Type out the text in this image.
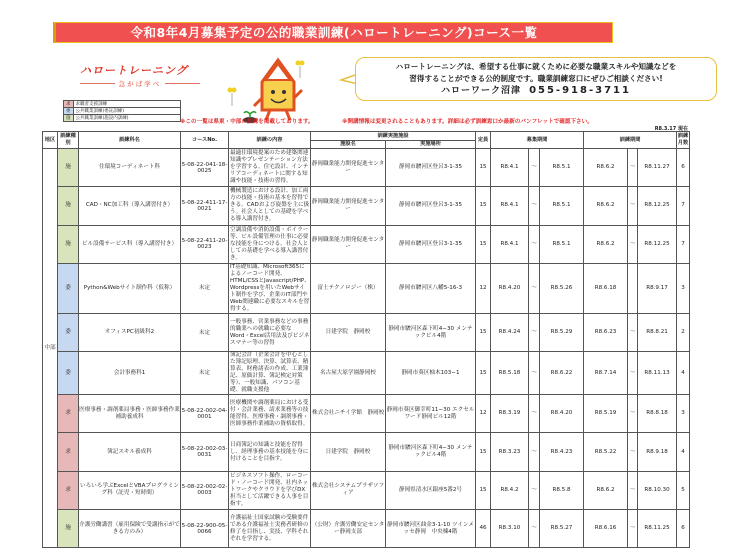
令和8年4月募集予定の公的職業訓練(ハロートレーニング)コース一覧
ハロートレーニング
急がば学べ
ハロートレーニングは、希望する仕事に就くために必要な職業スキルや知識などを
習得することができる公的制度です。職業訓練窓口にぜひご相談ください!
ハローワーク沼津 055-918-3711
求	求職者支援訓練
委	公共職業訓練(委託訓練)
施	公共職業訓練(施設内訓練)
※この一覧は県東・中部の訓練を掲載しております。	※開講情報は変更されることもあります。詳細は必ず訓練窓口か最新のパンフレットで確認下さい。
R8.3.17 現在
地区	訓練種別	訓練科名	コースNo.	訓練の内容	訓練実施施設		定員	募集期間			訓練期間			訓練月数
					施設名	実施場所								
中部	施	住環境コーディネート科	5-08-22-041-18-0025	最適住環境提案のため建築関連知識やプレゼンテーション方法を学習する。住宅設計、インテリアコーディネートに関する知識や技能・技術の習得。	静岡職業能力開発促進センター	静岡市駿河区登呂3-1-35	15	R8.4.1	～	R8.5.1	R8.6.2	～	R8.11.27	6
	施	CAD・NC加工科（導入講習付き）	5-08-22-411-17-0021	機械製造における設計、加工両方の技能・技術の基本を習得できる。CADおよび旋盤を主に扱う。社会人としての基礎を学べる導入講習付き。	静岡職業能力開発促進センター	静岡市駿河区登呂3-1-35	15	R8.4.1	～	R8.5.1	R8.6.2	～	R8.12.25	7
	施	ビル設備サービス科（導入講習付き）	5-08-22-411-20-0023	空調設備や消防設備・ボイラー等、ビル設備管理の仕事に必要な技能を身につける。社会人としての基礎を学べる導入講習付き。	静岡職業能力開発促進センター	静岡市駿河区登呂3-1-35	15	R8.4.1	～	R8.5.1	R8.6.2	～	R8.12.25	7
	委	Python&Webサイト制作科（仮称）	未定	IT基礎知識、Microsoft365によるノーコード開発、HTML/CSSとJavascript/PHP、Wordpressを用いたWebサイト制作を学び、企業のIT部門やWeb関連職に必要なスキルを習得する。	富士テクノロジー（株）	静岡市駿河区八幡5-16-3	12	R8.4.20	～	R8.5.26	R8.6.18		R8.9.17	3
	委	オフィスPC初級科2	未定	一般事務、営業事務などの事務的職業への就職に必要なWord・Excel活用法及びビジネスマナー等の習得	日建学院　静岡校	静岡市駿河区森下町4−30 メンテックビル4階	15	R8.4.24	～	R8.5.29	R8.6.23	～	R8.8.21	2
	委	会計事務科1	未定	簿記会計（企業会計を中心とした簿記原理、決算、試算表、精算表、財務諸表の作成、工業簿記、原価計算、簿記検定対策等）、一般知識、パソコン基礎、就職支援他	名古屋大原学園静岡校	静岡市葵区柚木103−1	15	R8.5.18	～	R8.6.22	R8.7.14	～	R8.11.13	4
	求	医療事務・調剤薬局事務・医師事務作業補助養成科	5-08-22-002-04-0001	医療機関や調剤薬局における受付・会計業務、請求業務等の技能習得。医療事務・調剤事務・医師事務作業補助の資格取得。	株式会社ニチイ学館　静岡校	静岡市葵区御幸町11−30 エクセルワード静岡ビル12階	12	R8.3.19	～	R8.4.20	R8.5.19	～	R8.8.18	3
	求	簿記スキル養成科	5-08-22-002-03-0031	日商簿記の知識と技能を習得し、経理事務の基本技能を身に付けることを目指す。	日建学院　静岡校	静岡市駿河区森下町4−30 メンテックビル4階	15	R8.3.23	～	R8.4.23	R8.5.22	～	R8.9.18	4
	求	いろいろ学ぶExcelとVBAプログラミング科（託児・短時間）	5-08-22-002-02-0003	ビジネスソフト操作、ローコード・ノーコード開発、社内ネットワークやクラウドを学びDX担当として活躍できる人事を目指す。	株式会社システムプラザソフィア	静岡県清水区銀座5番2号	15	R8.4.2	～	R8.5.8	R8.6.2	～	R8.10.30	5
	施	介護労働講習（雇用保険で受講指示ができる方のみ）	5-08-22-900-05-0066	介護福祉士国家試験の受験要件である介護福祉士実務者研修の修了を目指し、実技、学科それぞれを学習する。	（公財）介護労働安定センター静岡支部	静岡市駿河区曲金3-1-10 ツインメッセ静岡　中央棟4階	46	R8.3.10	～	R8.5.27	R8.6.16	～	R8.11.25	6
